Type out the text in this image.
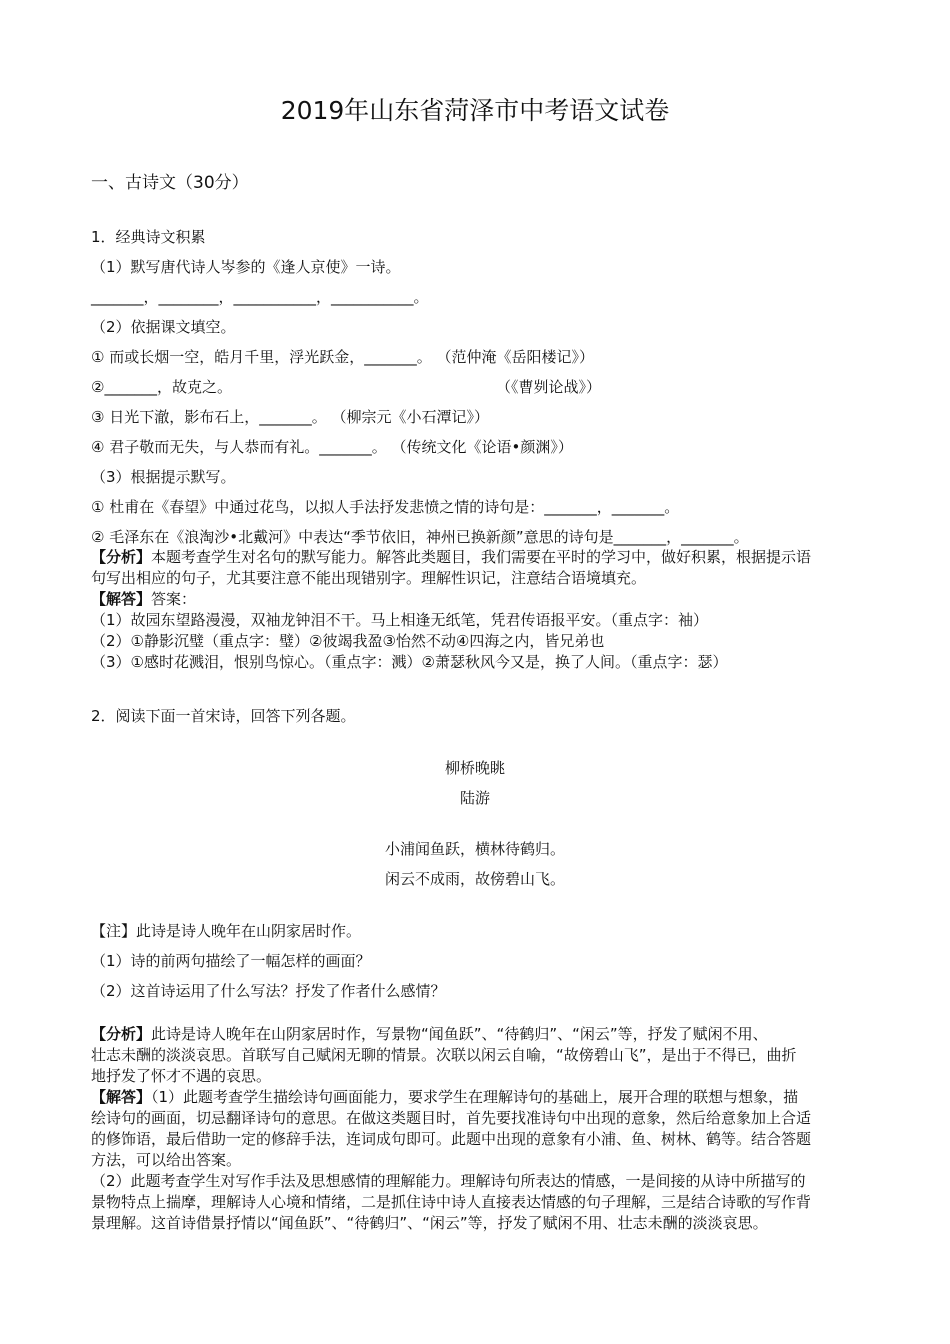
2019年山东省菏泽市中考语文试卷
一、古诗文（30分）
1．经典诗文积累
（1）默写唐代诗人岑参的《逢人京使》一诗。
_______，________，___________，___________。
（2）依据课文填空。
① 而或长烟一空，皓月千里，浮光跃金，_______。 （范仲淹《岳阳楼记》）
②_______，故克之。	（《曹刿论战》）
③ 日光下澈，影布石上，_______。 （柳宗元《小石潭记》）
④ 君子敬而无失，与人恭而有礼。_______。 （传统文化《论语•颜渊》）
（3）根据提示默写。
① 杜甫在《春望》中通过花鸟，以拟人手法抒发悲愤之情的诗句是：_______，_______。
② 毛泽东在《浪淘沙•北戴河》中表达“季节依旧，神州已换新颜”意思的诗句是_______，_______。
【分析】本题考查学生对名句的默写能力。解答此类题目，我们需要在平时的学习中，做好积累，根据提示语
句写出相应的句子，尤其要注意不能出现错别字。理解性识记，注意结合语境填充。
【解答】答案：
（1）故园东望路漫漫，双袖龙钟泪不干。马上相逢无纸笔，凭君传语报平安。（重点字：袖）
（2）①静影沉璧（重点字：璧）②彼竭我盈③怡然不动④四海之内，皆兄弟也
（3）①感时花溅泪，恨别鸟惊心。（重点字：溅）②萧瑟秋风今又是，换了人间。（重点字：瑟）
2．阅读下面一首宋诗，回答下列各题。
柳桥晚眺
陆游
小浦闻鱼跃，横林待鹤归。
闲云不成雨，故傍碧山飞。
【注】此诗是诗人晚年在山阴家居时作。
（1）诗的前两句描绘了一幅怎样的画面？
（2）这首诗运用了什么写法？抒发了作者什么感情？
【分析】此诗是诗人晚年在山阴家居时作，写景物“闻鱼跃”、“待鹤归”、“闲云”等，抒发了赋闲不用、
壮志未酬的淡淡哀思。首联写自己赋闲无聊的情景。次联以闲云自喻，“故傍碧山飞”，是出于不得已，曲折
地抒发了怀才不遇的哀思。
【解答】（1）此题考查学生描绘诗句画面能力，要求学生在理解诗句的基础上，展开合理的联想与想象，描
绘诗句的画面，切忌翻译诗句的意思。在做这类题目时，首先要找准诗句中出现的意象，然后给意象加上合适
的修饰语，最后借助一定的修辞手法，连词成句即可。此题中出现的意象有小浦、鱼、树林、鹤等。结合答题
方法，可以给出答案。
（2）此题考查学生对写作手法及思想感情的理解能力。理解诗句所表达的情感，一是间接的从诗中所描写的
景物特点上揣摩，理解诗人心境和情绪，二是抓住诗中诗人直接表达情感的句子理解，三是结合诗歌的写作背
景理解。这首诗借景抒情以“闻鱼跃”、“待鹤归”、“闲云”等，抒发了赋闲不用、壮志未酬的淡淡哀思。
